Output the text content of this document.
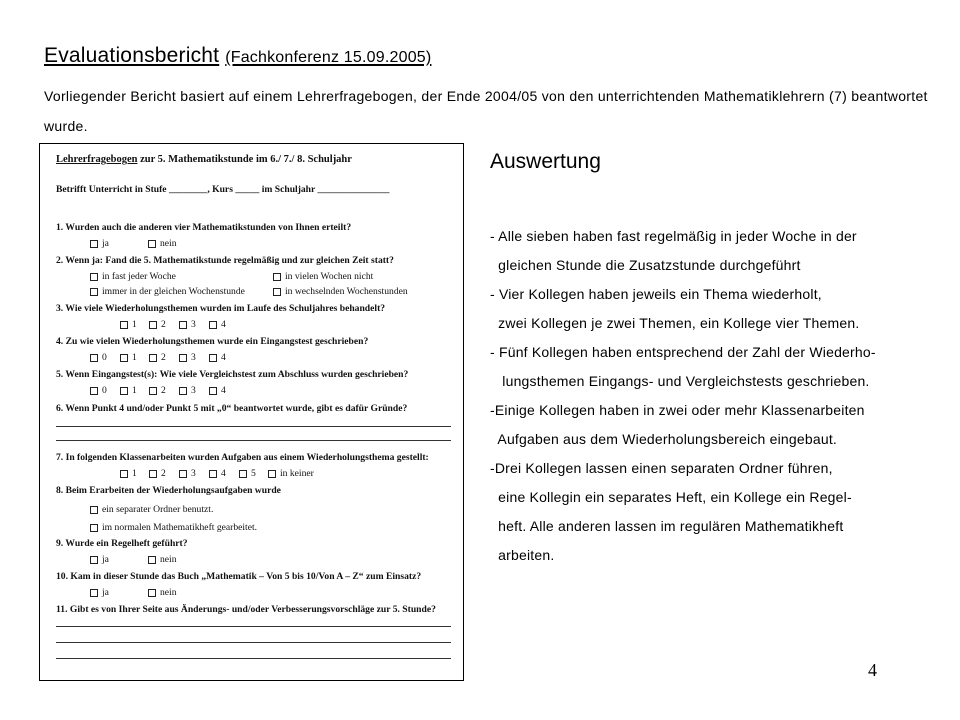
Evaluationsbericht (Fachkonferenz 15.09.2005)
Vorliegender Bericht basiert auf einem Lehrerfragebogen, der Ende 2004/05 von den unterrichtenden Mathematiklehrern (7) beantwortet wurde.
Lehrerfragebogen zur 5. Mathematikstunde im 6./ 7./ 8. Schuljahr
Betrifft Unterricht in Stufe ________, Kurs _____ im Schuljahr _______________
1. Wurden auch die anderen vier Mathematikstunden von Ihnen erteilt?
ja	nein
2. Wenn ja: Fand die 5. Mathematikstunde regelmäßig und zur gleichen Zeit statt?
in fast jeder Woche	in vielen Wochen nicht
immer in der gleichen Wochenstunde	in wechselnden Wochenstunden
3. Wie viele Wiederholungsthemen wurden im Laufe des Schuljahres behandelt?
1	2	3	4
4. Zu wie vielen Wiederholungsthemen wurde ein Eingangstest geschrieben?
0	1	2	3	4
5. Wenn Eingangstest(s): Wie viele Vergleichstest zum Abschluss wurden geschrieben?
0	1	2	3	4
6. Wenn Punkt 4 und/oder Punkt 5 mit „0“ beantwortet wurde, gibt es dafür Gründe?
7. In folgenden Klassenarbeiten wurden Aufgaben aus einem Wiederholungsthema gestellt:
1	2	3	4	5	in keiner
8. Beim Erarbeiten der Wiederholungsaufgaben wurde
ein separater Ordner benutzt.
im normalen Mathematikheft gearbeitet.
9. Wurde ein Regelheft geführt?
ja	nein
10. Kam in dieser Stunde das Buch „Mathematik – Von 5 bis 10/Von A – Z“ zum Einsatz?
ja	nein
11. Gibt es von Ihrer Seite aus Änderungs- und/oder Verbesserungsvorschläge zur 5. Stunde?
Auswertung
- Alle sieben haben fast regelmäßig in jeder Woche in der
gleichen Stunde die Zusatzstunde durchgeführt
- Vier Kollegen haben jeweils ein Thema wiederholt,
zwei Kollegen je zwei Themen, ein Kollege vier Themen.
- Fünf Kollegen haben entsprechend der Zahl der Wiederho-
lungsthemen Eingangs- und Vergleichstests geschrieben.
-Einige Kollegen haben in zwei oder mehr Klassenarbeiten
Aufgaben aus dem Wiederholungsbereich eingebaut.
-Drei Kollegen lassen einen separaten Ordner führen,
eine Kollegin ein separates Heft, ein Kollege ein Regel-
heft. Alle anderen lassen im regulären Mathematikheft
arbeiten.
4
